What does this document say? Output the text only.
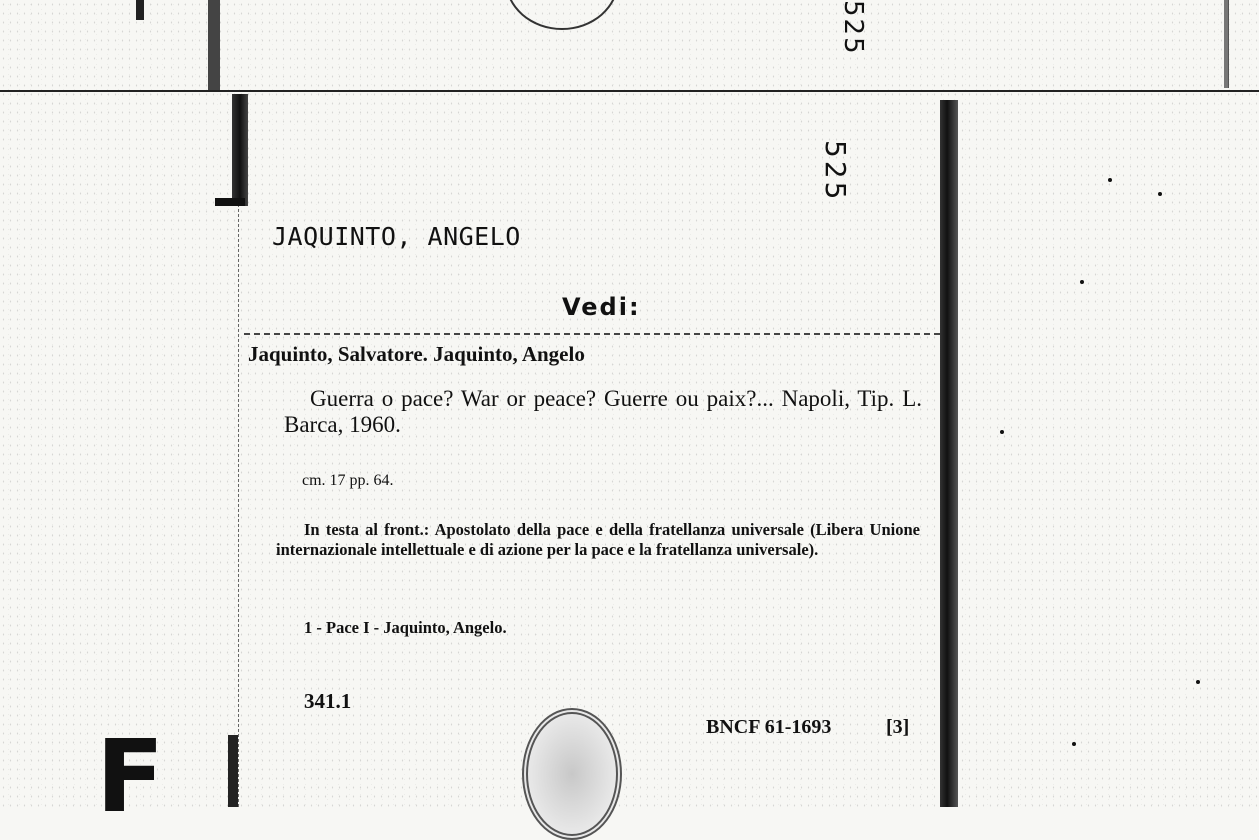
525
525
JAQUINTO, ANGELO
Vedi:
Jaquinto, Salvatore. Jaquinto, Angelo
Guerra o pace? War or peace? Guerre ou paix?... Napoli, Tip. L. Barca, 1960.
cm. 17 pp. 64.
In testa al front.: Apostolato della pace e della fratellanza universale (Libera Unione internazionale intellettuale e di azione per la pace e la fratellanza universale).
1 - Pace I - Jaquinto, Angelo.
341.1
BNCF 61-1693	[3]
F
